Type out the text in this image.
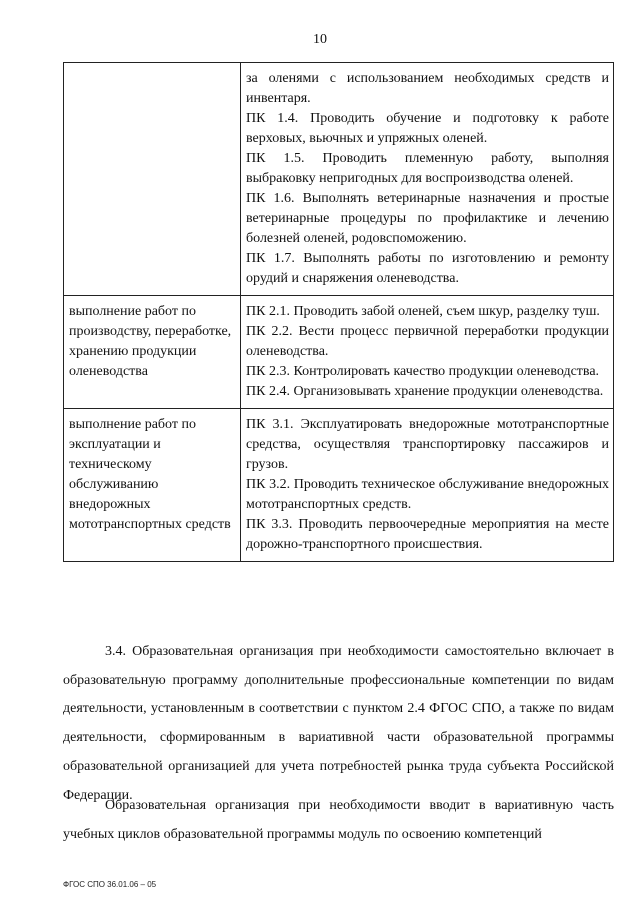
10

	за оленями с использованием необходимых средств и инвентаря.
ПК 1.4. Проводить обучение и подготовку к работе верховых, вьючных и упряжных оленей.
ПК 1.5. Проводить племенную работу, выполняя выбраковку непригодных для воспроизводства оленей.
ПК 1.6. Выполнять ветеринарные назначения и простые ветеринарные процедуры по профилактике и лечению болезней оленей, родовспоможению.
ПК 1.7. Выполнять работы по изготовлению и ремонту орудий и снаряжения оленеводства.

выполнение работ по производству, переработке, хранению продукции оленеводства	ПК 2.1. Проводить забой оленей, съем шкур, разделку туш.
ПК 2.2. Вести процесс первичной переработки продукции оленеводства.
ПК 2.3. Контролировать качество продукции оленеводства.
ПК 2.4. Организовывать хранение продукции оленеводства.

выполнение работ по эксплуатации и техническому обслуживанию внедорожных мототранспортных средств	ПК 3.1. Эксплуатировать внедорожные мототранспортные средства, осуществляя транспортировку пассажиров и грузов.
ПК 3.2. Проводить техническое обслуживание внедорожных мототранспортных средств.
ПК 3.3. Проводить первоочередные мероприятия на месте дорожно-транспортного происшествия.
3.4. Образовательная организация при необходимости самостоятельно включает в образовательную программу дополнительные профессиональные компетенции по видам деятельности, установленным в соответствии с пунктом 2.4 ФГОС СПО, а также по видам деятельности, сформированным в вариативной части образовательной программы образовательной организацией для учета потребностей рынка труда субъекта Российской Федерации.
Образовательная организация при необходимости вводит в вариативную часть учебных циклов образовательной программы модуль по освоению компетенций
ФГОС СПО 36.01.06 – 05
